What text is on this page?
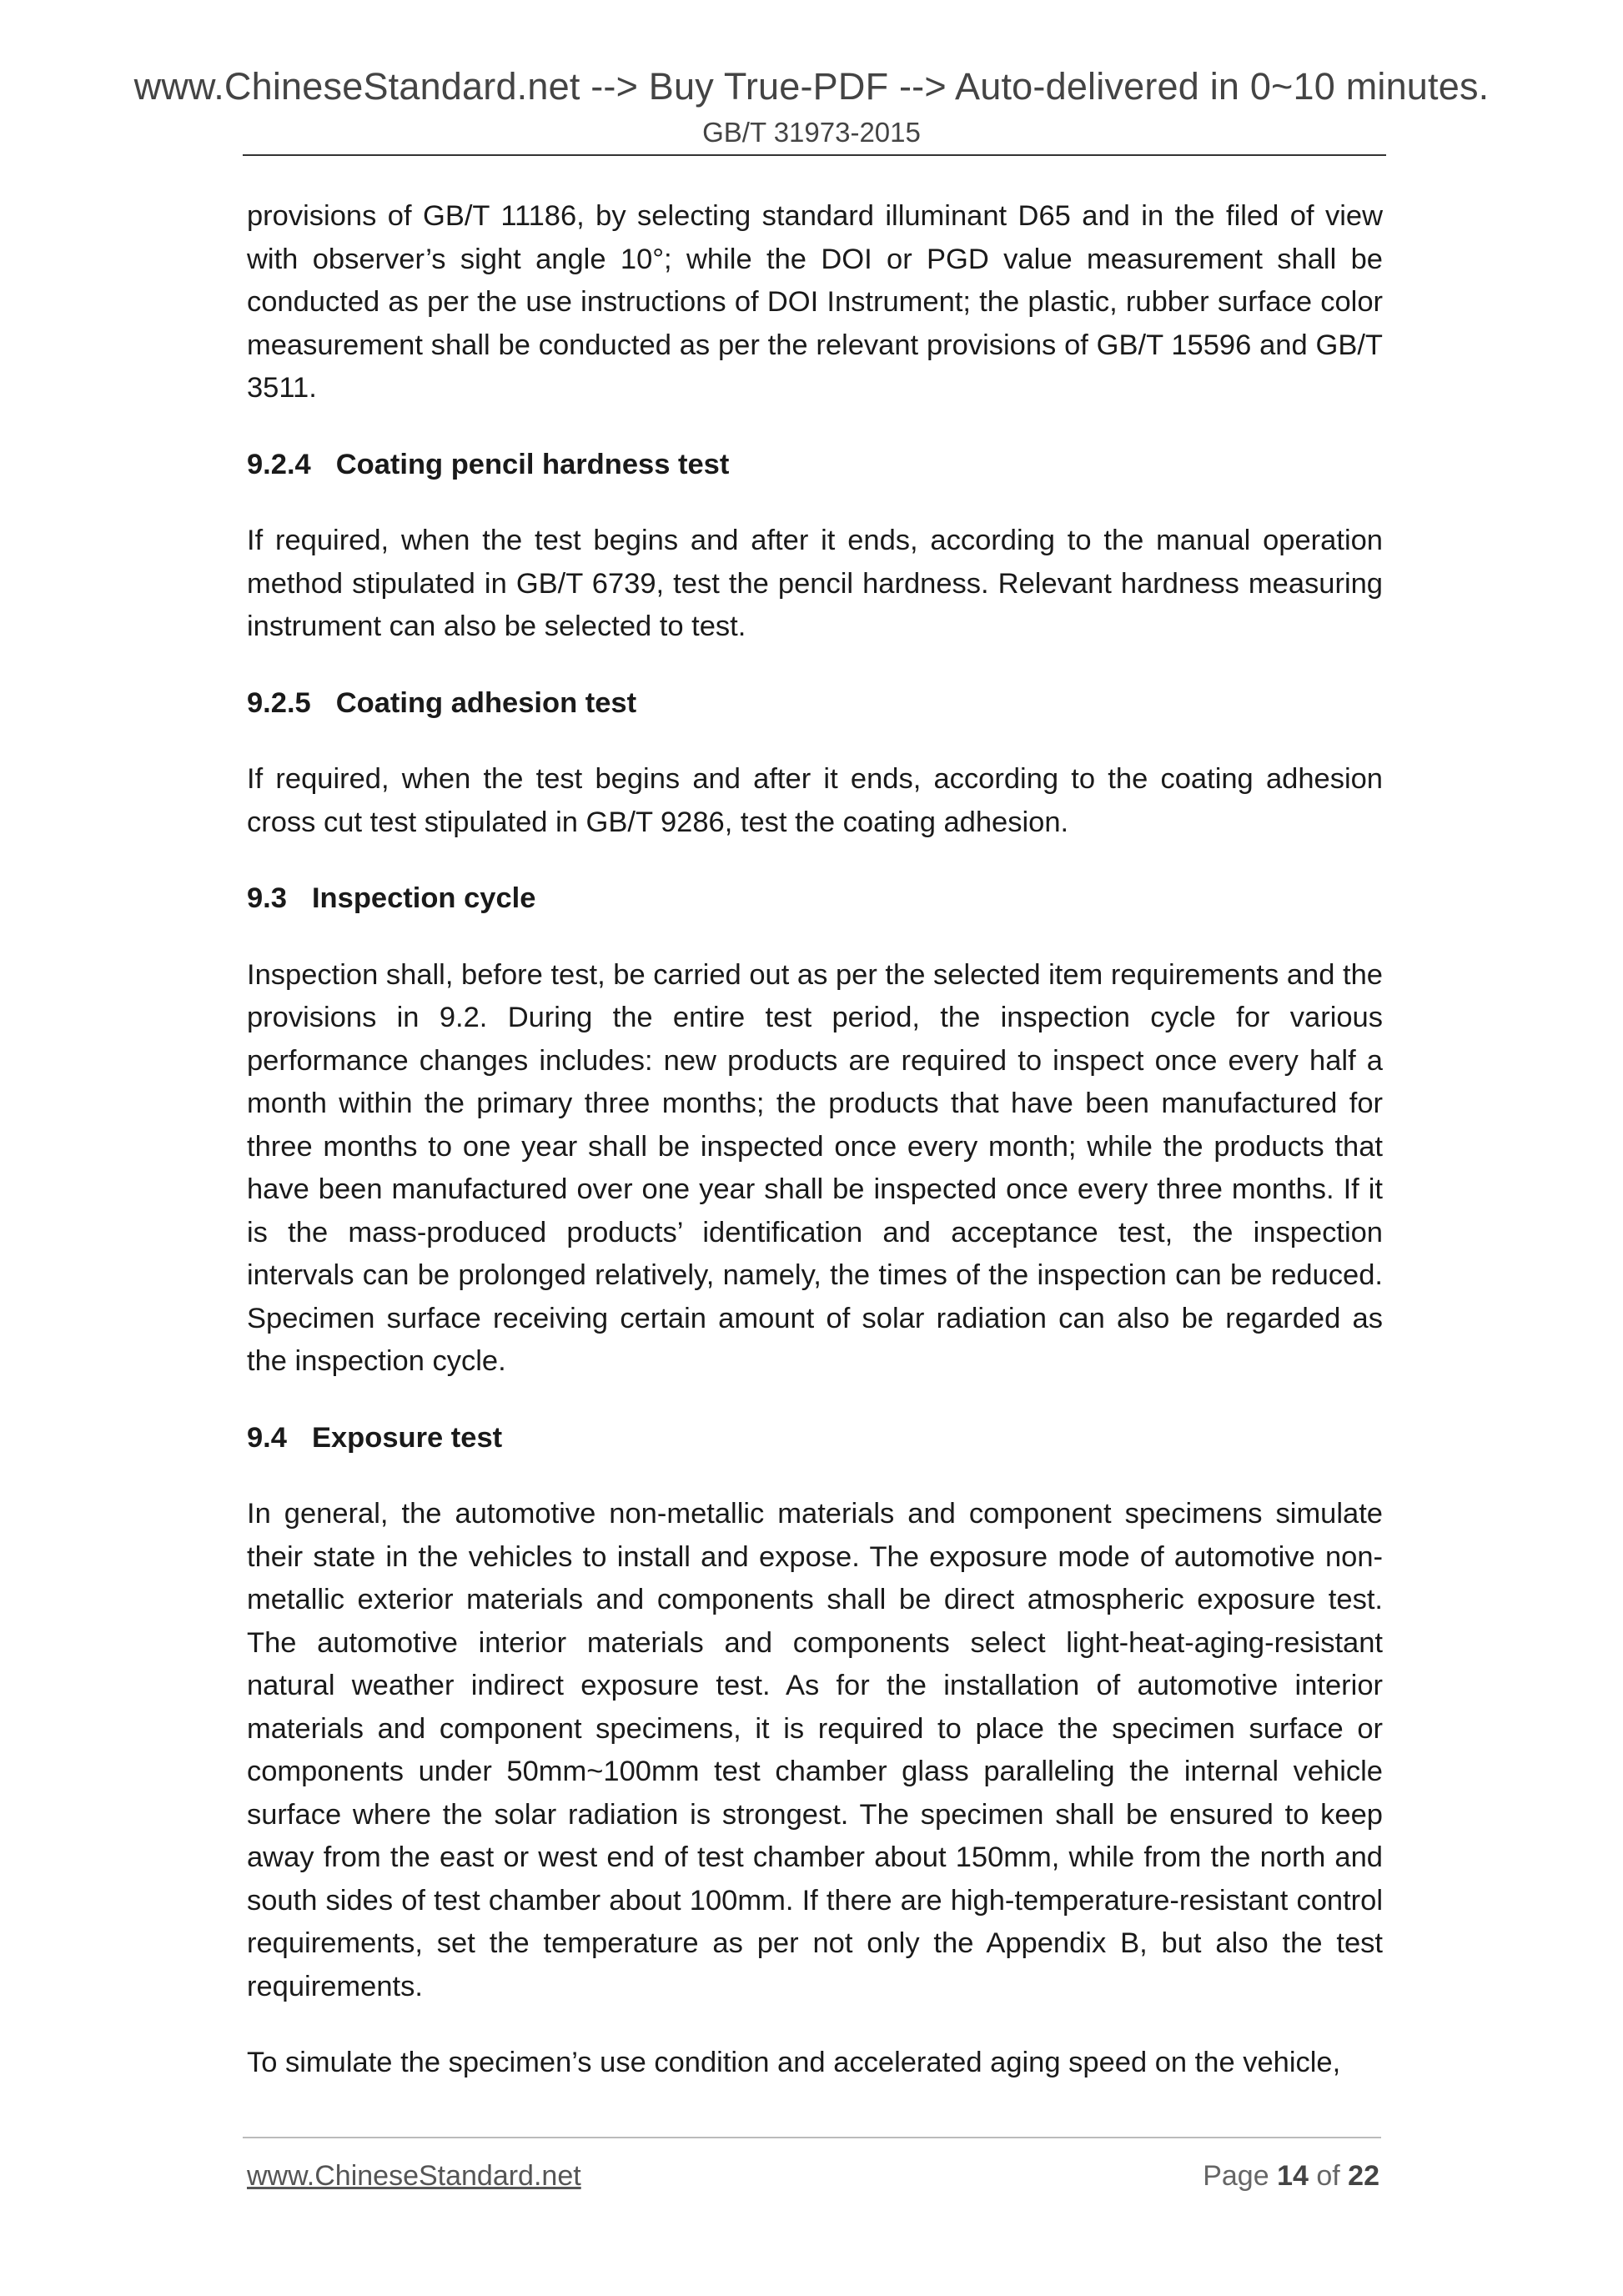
www.ChineseStandard.net --> Buy True-PDF --> Auto-delivered in 0~10 minutes.
GB/T 31973-2015

provisions of GB/T 11186, by selecting standard illuminant D65 and in the filed of view with observer’s sight angle 10°; while the DOI or PGD value measurement shall be conducted as per the use instructions of DOI Instrument; the plastic, rubber surface color measurement shall be conducted as per the relevant provisions of GB/T 15596 and GB/T 3511.

9.2.4 Coating pencil hardness test

If required, when the test begins and after it ends, according to the manual operation method stipulated in GB/T 6739, test the pencil hardness. Relevant hardness measuring instrument can also be selected to test.

9.2.5 Coating adhesion test

If required, when the test begins and after it ends, according to the coating adhesion cross cut test stipulated in GB/T 9286, test the coating adhesion.

9.3 Inspection cycle

Inspection shall, before test, be carried out as per the selected item requirements and the provisions in 9.2. During the entire test period, the inspection cycle for various performance changes includes: new products are required to inspect once every half a month within the primary three months; the products that have been manufactured for three months to one year shall be inspected once every month; while the products that have been manufactured over one year shall be inspected once every three months. If it is the mass-produced products’ identification and acceptance test, the inspection intervals can be prolonged relatively, namely, the times of the inspection can be reduced. Specimen surface receiving certain amount of solar radiation can also be regarded as the inspection cycle.

9.4 Exposure test

In general, the automotive non-metallic materials and component specimens simulate their state in the vehicles to install and expose. The exposure mode of automotive non-metallic exterior materials and components shall be direct atmospheric exposure test. The automotive interior materials and components select light-heat-aging-resistant natural weather indirect exposure test. As for the installation of automotive interior materials and component specimens, it is required to place the specimen surface or components under 50mm~100mm test chamber glass paralleling the internal vehicle surface where the solar radiation is strongest. The specimen shall be ensured to keep away from the east or west end of test chamber about 150mm, while from the north and south sides of test chamber about 100mm. If there are high-temperature-resistant control requirements, set the temperature as per not only the Appendix B, but also the test requirements.

To simulate the specimen’s use condition and accelerated aging speed on the vehicle,

www.ChineseStandard.net	Page 14 of 22
